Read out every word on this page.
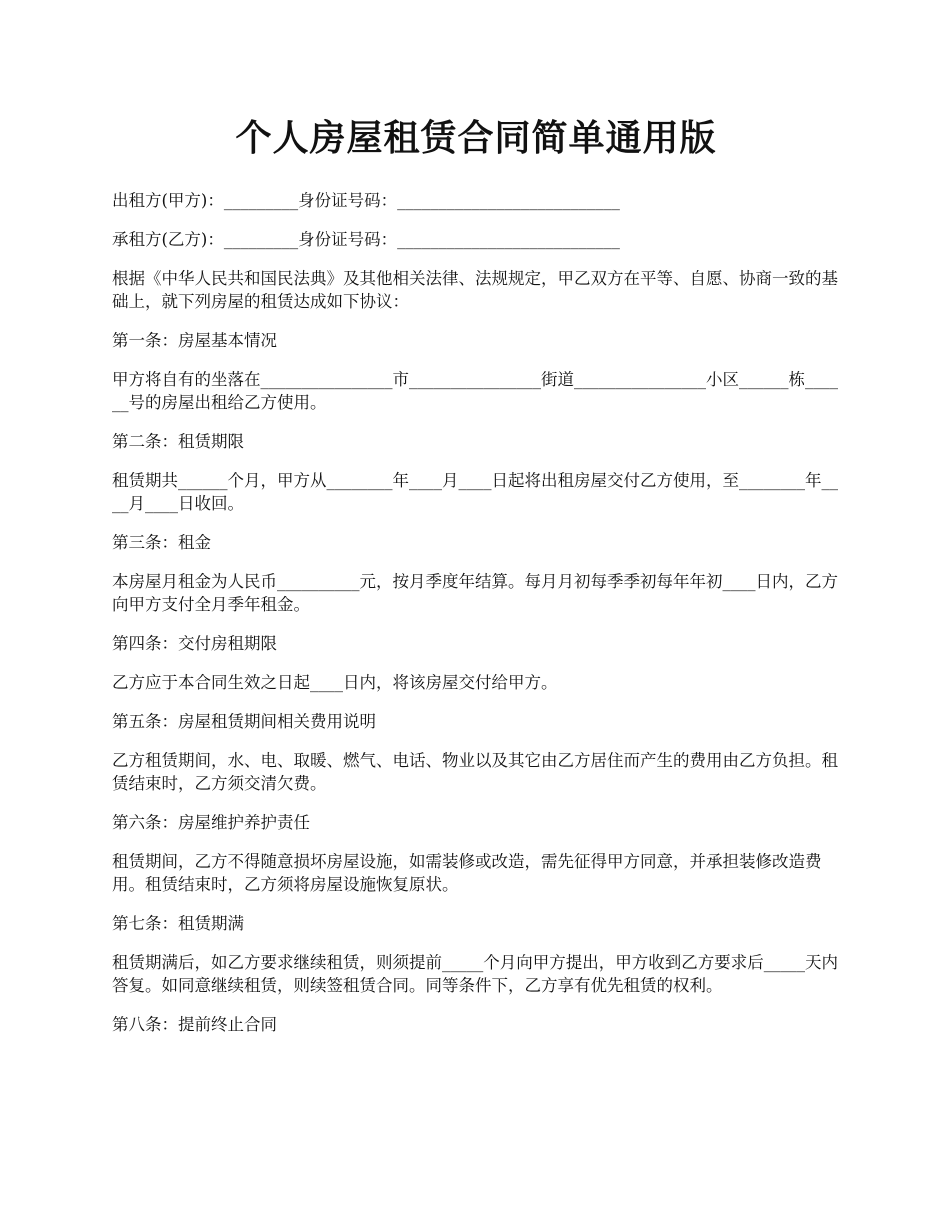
个人房屋租赁合同简单通用版

出租方(甲方)：_________身份证号码：___________________________

承租方(乙方)：_________身份证号码：___________________________

根据《中华人民共和国民法典》及其他相关法律、法规规定，甲乙双方在平等、自愿、协商一致的基础上，就下列房屋的租赁达成如下协议：

第一条：房屋基本情况

甲方将自有的坐落在________________市________________街道________________小区______栋______号的房屋出租给乙方使用。

第二条：租赁期限

租赁期共______个月，甲方从________年____月____日起将出租房屋交付乙方使用，至________年____月____日收回。

第三条：租金

本房屋月租金为人民币__________元，按月季度年结算。每月月初每季季初每年年初____日内，乙方向甲方支付全月季年租金。

第四条：交付房租期限

乙方应于本合同生效之日起____日内，将该房屋交付给甲方。

第五条：房屋租赁期间相关费用说明

乙方租赁期间，水、电、取暖、燃气、电话、物业以及其它由乙方居住而产生的费用由乙方负担。租赁结束时，乙方须交清欠费。

第六条：房屋维护养护责任

租赁期间，乙方不得随意损坏房屋设施，如需装修或改造，需先征得甲方同意，并承担装修改造费用。租赁结束时，乙方须将房屋设施恢复原状。

第七条：租赁期满

租赁期满后，如乙方要求继续租赁，则须提前_____个月向甲方提出，甲方收到乙方要求后_____天内答复。如同意继续租赁，则续签租赁合同。同等条件下，乙方享有优先租赁的权利。

第八条：提前终止合同
